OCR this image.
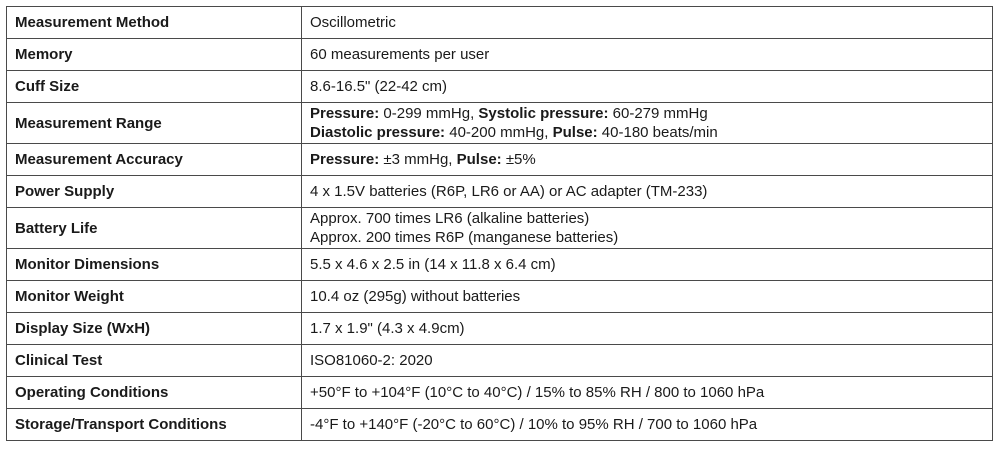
Measurement Method	Oscillometric

Memory	60 measurements per user

Cuff Size	8.6-16.5" (22-42 cm)

Measurement Range	Pressure: 0-299 mmHg, Systolic pressure: 60-279 mmHg
Diastolic pressure: 40-200 mmHg, Pulse: 40-180 beats/min

Measurement Accuracy	Pressure: ±3 mmHg, Pulse: ±5%

Power Supply	4 x 1.5V batteries (R6P, LR6 or AA) or AC adapter (TM-233)

Battery Life	Approx. 700 times LR6 (alkaline batteries)
Approx. 200 times R6P (manganese batteries)

Monitor Dimensions	5.5 x 4.6 x 2.5 in (14 x 11.8 x 6.4 cm)

Monitor Weight	10.4 oz (295g) without batteries

Display Size (WxH)	1.7 x 1.9" (4.3 x 4.9cm)

Clinical Test	ISO81060-2: 2020

Operating Conditions	+50°F to +104°F (10°C to 40°C) / 15% to 85% RH / 800 to 1060 hPa

Storage/Transport Conditions	-4°F to +140°F (-20°C to 60°C) / 10% to 95% RH / 700 to 1060 hPa
